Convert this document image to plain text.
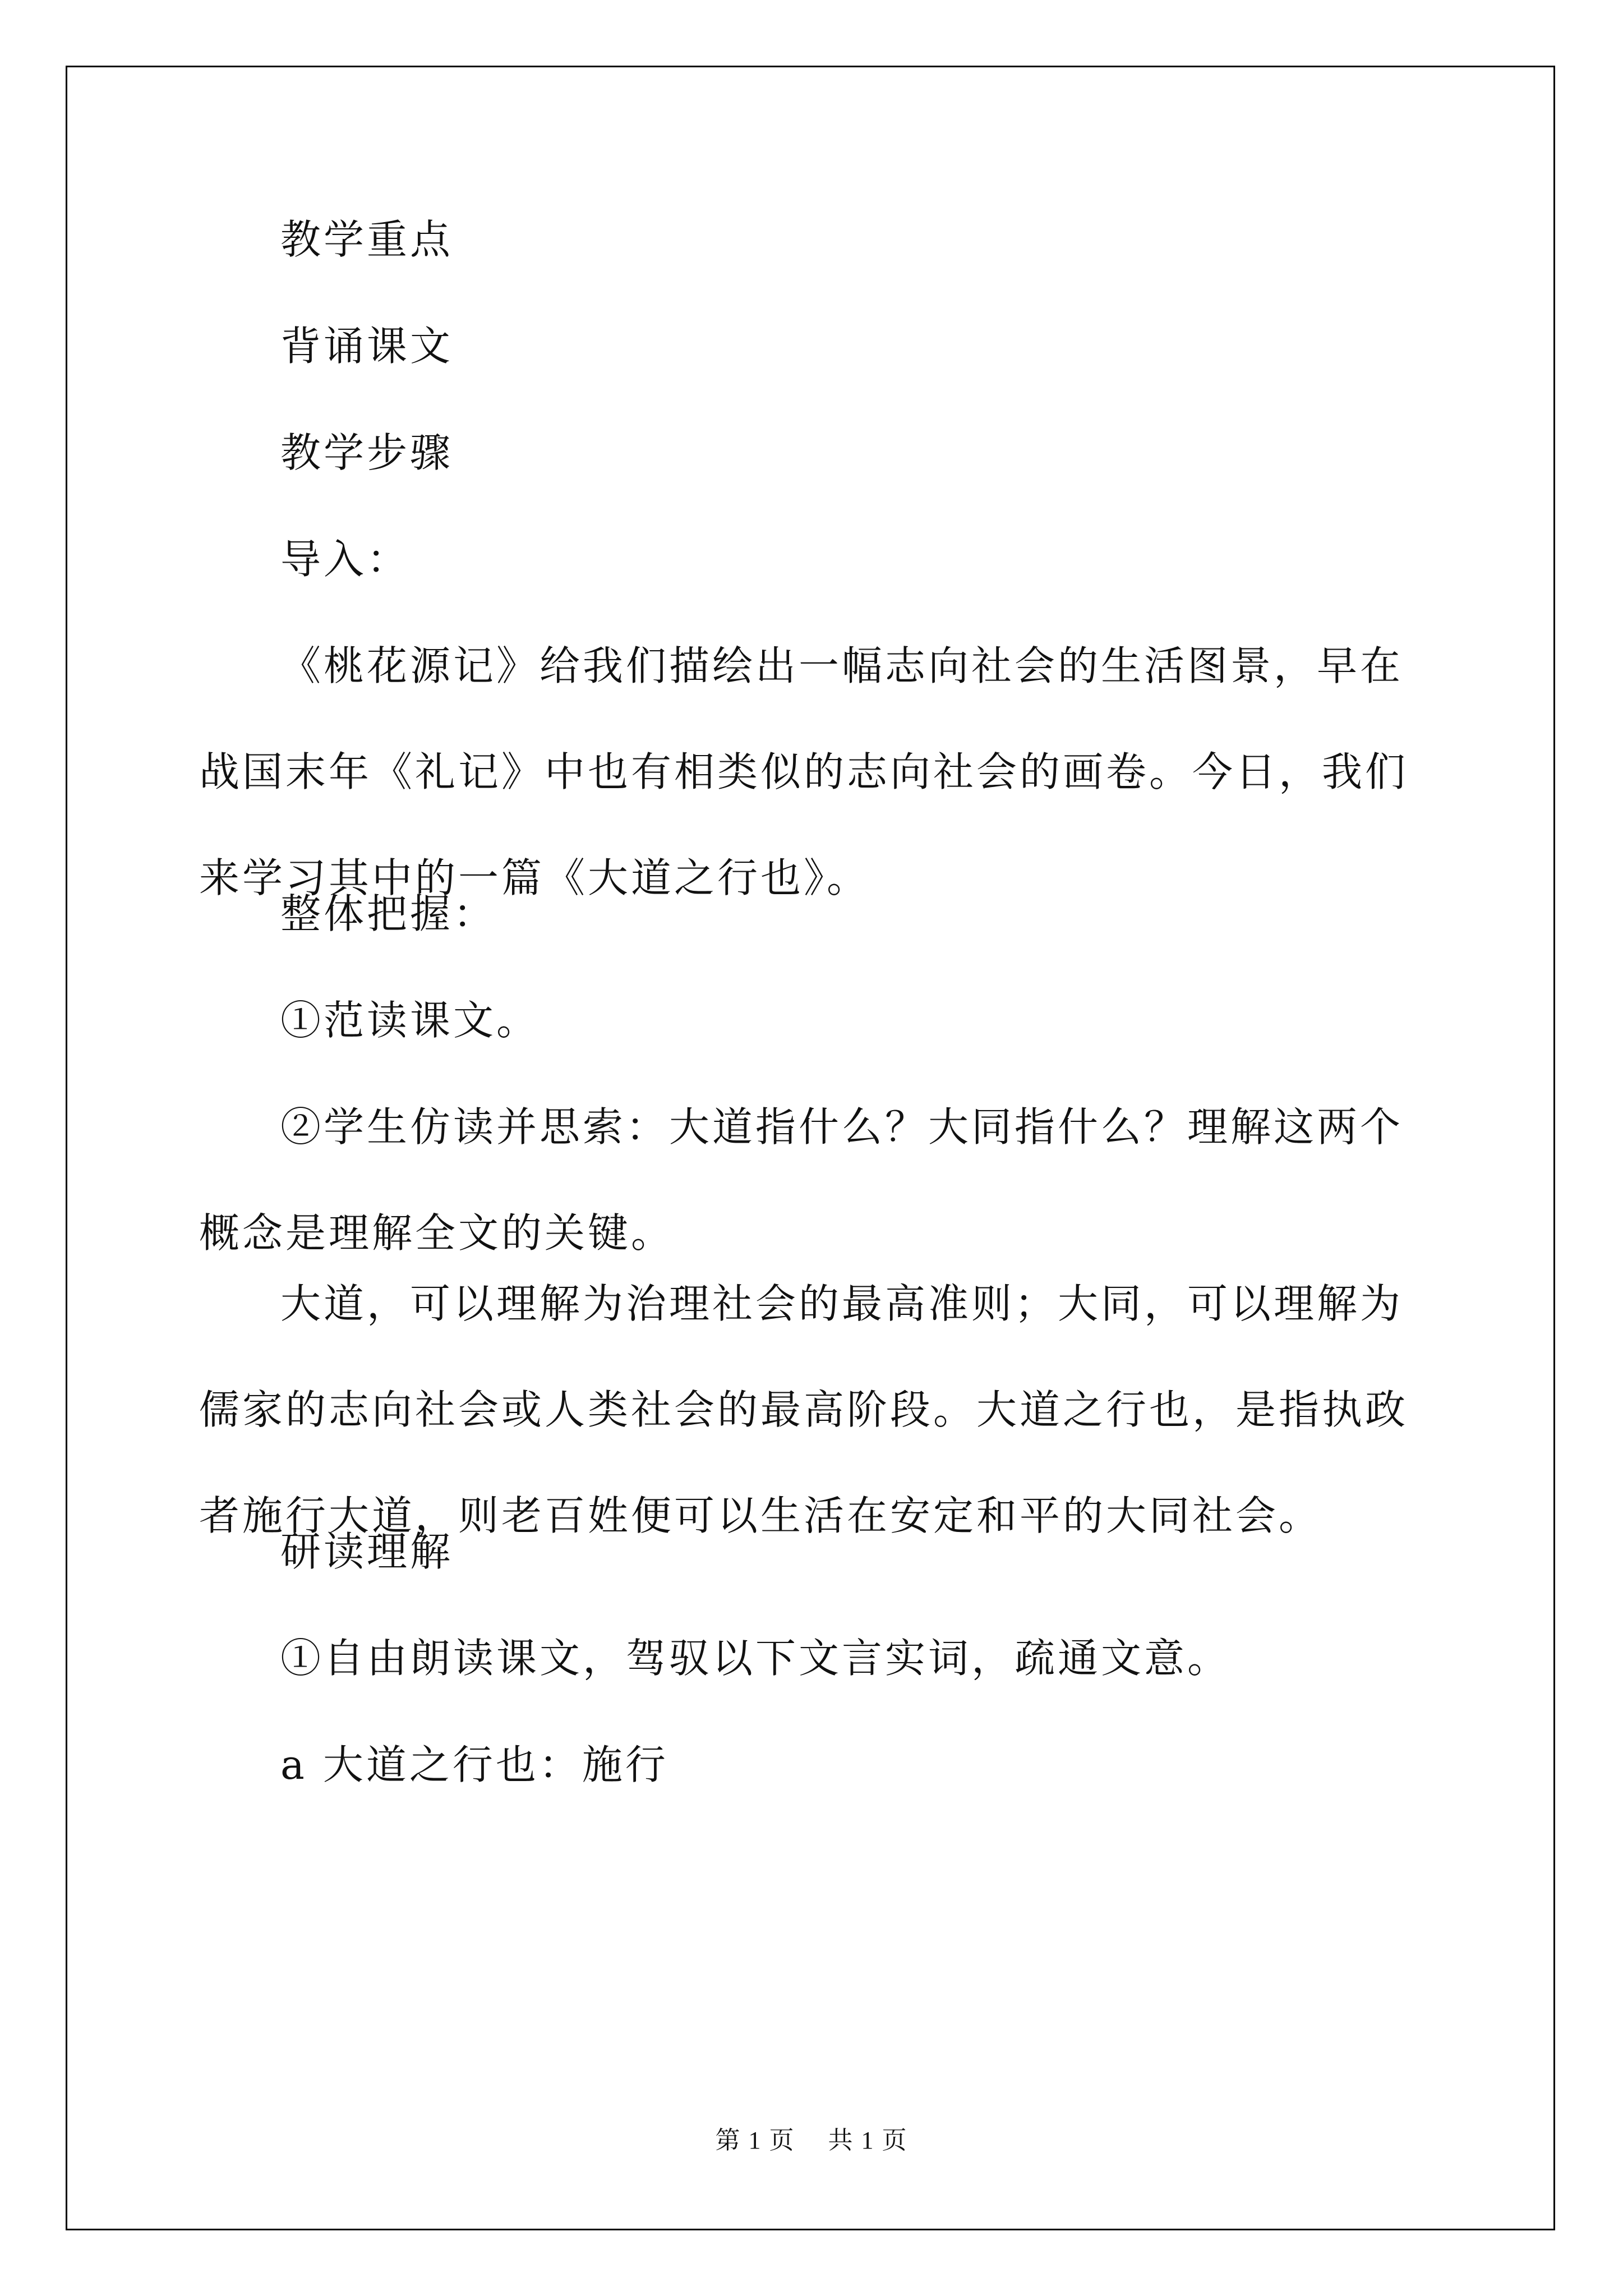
教学重点

背诵课文

教学步骤

导入：

《桃花源记》给我们描绘出一幅志向社会的生活图景，早在战国末年《礼记》中也有相类似的志向社会的画卷。今日，我们来学习其中的一篇《大道之行也》。

整体把握：

①范读课文。

②学生仿读并思索：大道指什么？大同指什么？理解这两个概念是理解全文的关键。

大道，可以理解为治理社会的最高准则；大同，可以理解为儒家的志向社会或人类社会的最高阶段。大道之行也，是指执政者施行大道，则老百姓便可以生活在安定和平的大同社会。

研读理解

①自由朗读课文，驾驭以下文言实词，疏通文意。

a 大道之行也：施行

第 1 页　 共 1 页
